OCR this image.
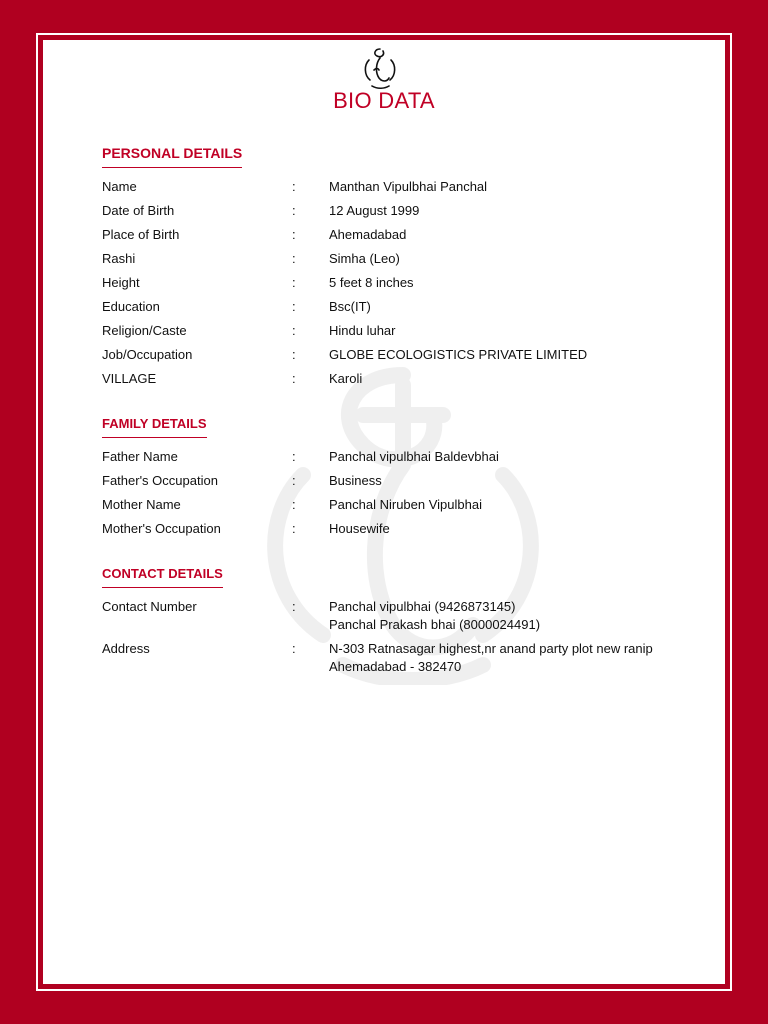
BIO DATA
PERSONAL DETAILS
Name	:	Manthan Vipulbhai Panchal
Date of Birth	:	12 August 1999
Place of Birth	:	Ahemadabad
Rashi	:	Simha (Leo)
Height	:	5 feet 8 inches
Education	:	Bsc(IT)
Religion/Caste	:	Hindu luhar
Job/Occupation	:	GLOBE ECOLOGISTICS PRIVATE LIMITED
VILLAGE	:	Karoli
FAMILY DETAILS
Father Name	:	Panchal vipulbhai Baldevbhai
Father's Occupation	:	Business
Mother Name	:	Panchal Niruben Vipulbhai
Mother's Occupation	:	Housewife
CONTACT DETAILS
Contact Number	:	Panchal vipulbhai (9426873145)
Panchal Prakash bhai (8000024491)
Address	:	N-303 Ratnasagar highest,nr anand party plot new ranip
Ahemadabad - 382470
